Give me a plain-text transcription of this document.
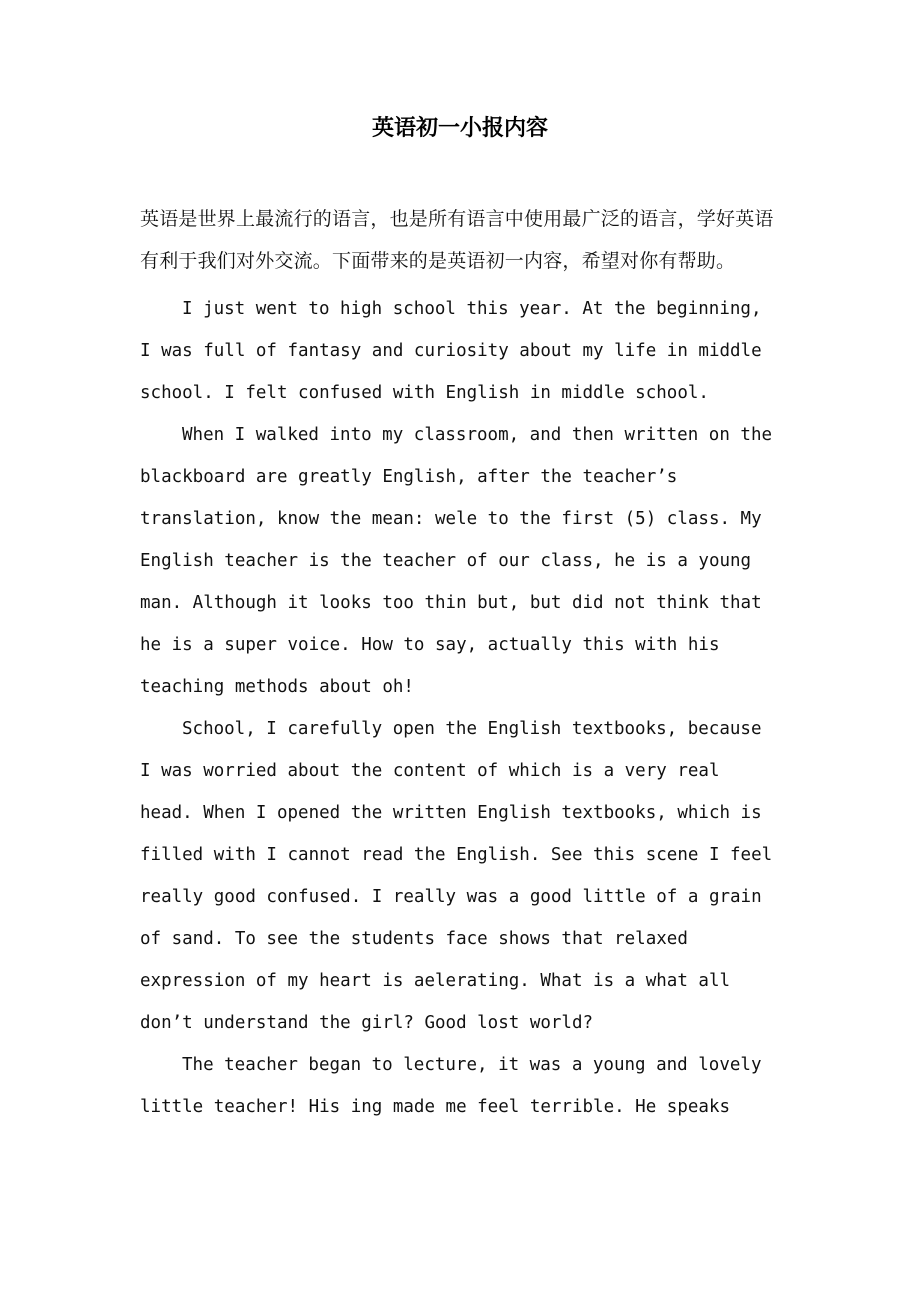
英语初一小报内容

英语是世界上最流行的语言，也是所有语言中使用最广泛的语言，学好英语有利于我们对外交流。下面带来的是英语初一内容，希望对你有帮助。

I just went to high school this year. At the beginning, I was full of fantasy and curiosity about my life in middle school. I felt confused with English in middle school.

When I walked into my classroom, and then written on the blackboard are greatly English, after the teacher’s translation, know the mean: wele to the first (5) class. My English teacher is the teacher of our class, he is a young man. Although it looks too thin but, but did not think that he is a super voice. How to say, actually this with his teaching methods about oh!

School, I carefully open the English textbooks, because I was worried about the content of which is a very real head. When I opened the written English textbooks, which is filled with I cannot read the English. See this scene I feel really good confused. I really was a good little of a grain of sand. To see the students face shows that relaxed expression of my heart is aelerating. What is a what all don’t understand the girl? Good lost world?

The teacher began to lecture, it was a young and lovely little teacher! His ing made me feel terrible. He speaks
